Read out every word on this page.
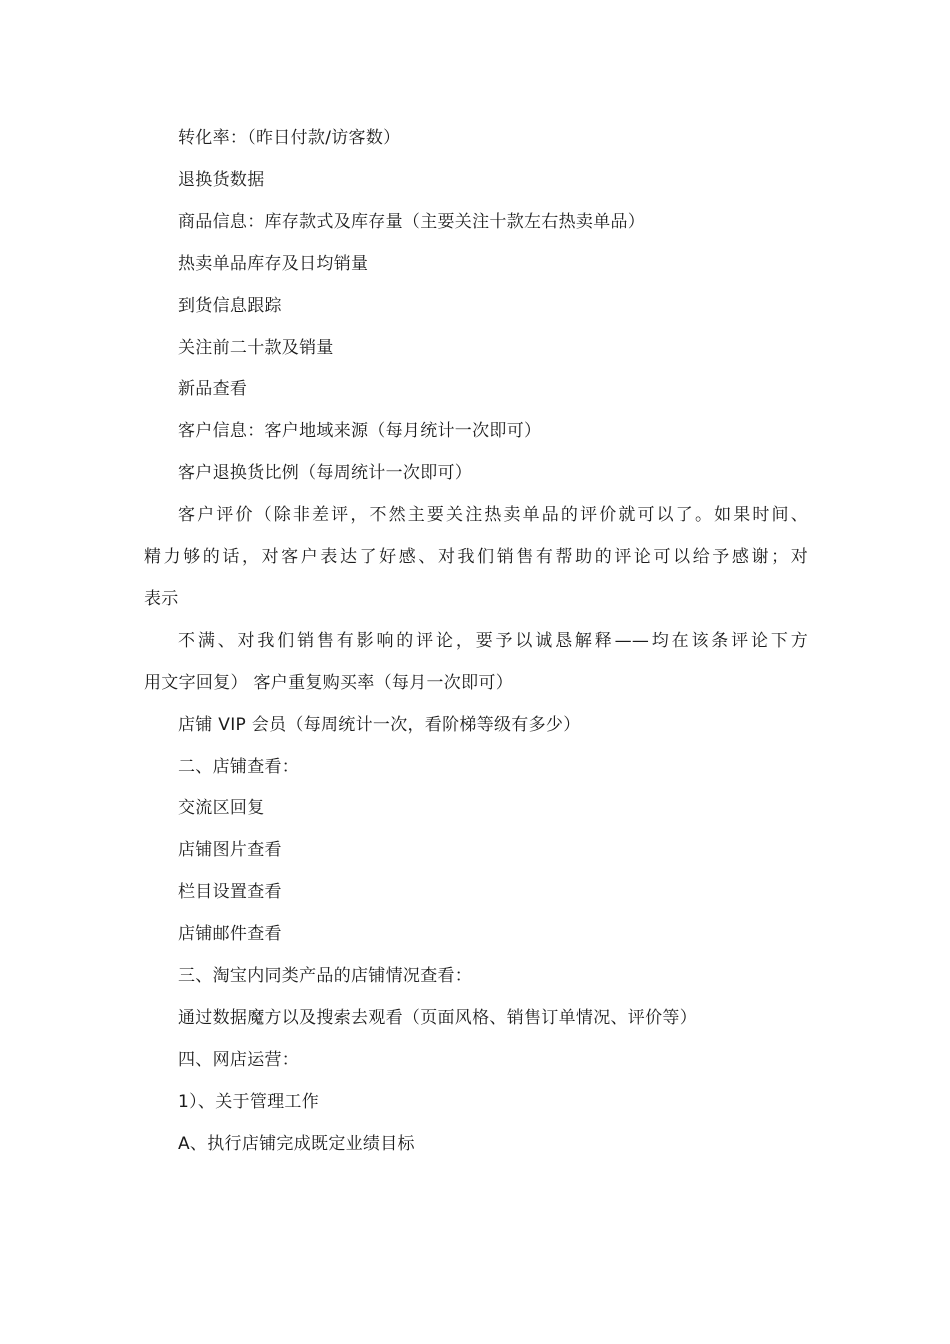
转化率：（昨日付款/访客数）
退换货数据
商品信息：库存款式及库存量（主要关注十款左右热卖单品）
热卖单品库存及日均销量
到货信息跟踪
关注前二十款及销量
新品查看
客户信息：客户地域来源（每月统计一次即可）
客户退换货比例（每周统计一次即可）
客户评价（除非差评，不然主要关注热卖单品的评价就可以了。如果时间、
精力够的话，对客户表达了好感、对我们销售有帮助的评论可以给予感谢；对
表示
不满、对我们销售有影响的评论，要予以诚恳解释——均在该条评论下方
用文字回复） 客户重复购买率（每月一次即可）
店铺 VIP 会员（每周统计一次，看阶梯等级有多少）
二、店铺查看：
交流区回复
店铺图片查看
栏目设置查看
店铺邮件查看
三、淘宝内同类产品的店铺情况查看：
通过数据魔方以及搜索去观看（页面风格、销售订单情况、评价等）
四、网店运营：
1）、关于管理工作
A、执行店铺完成既定业绩目标
